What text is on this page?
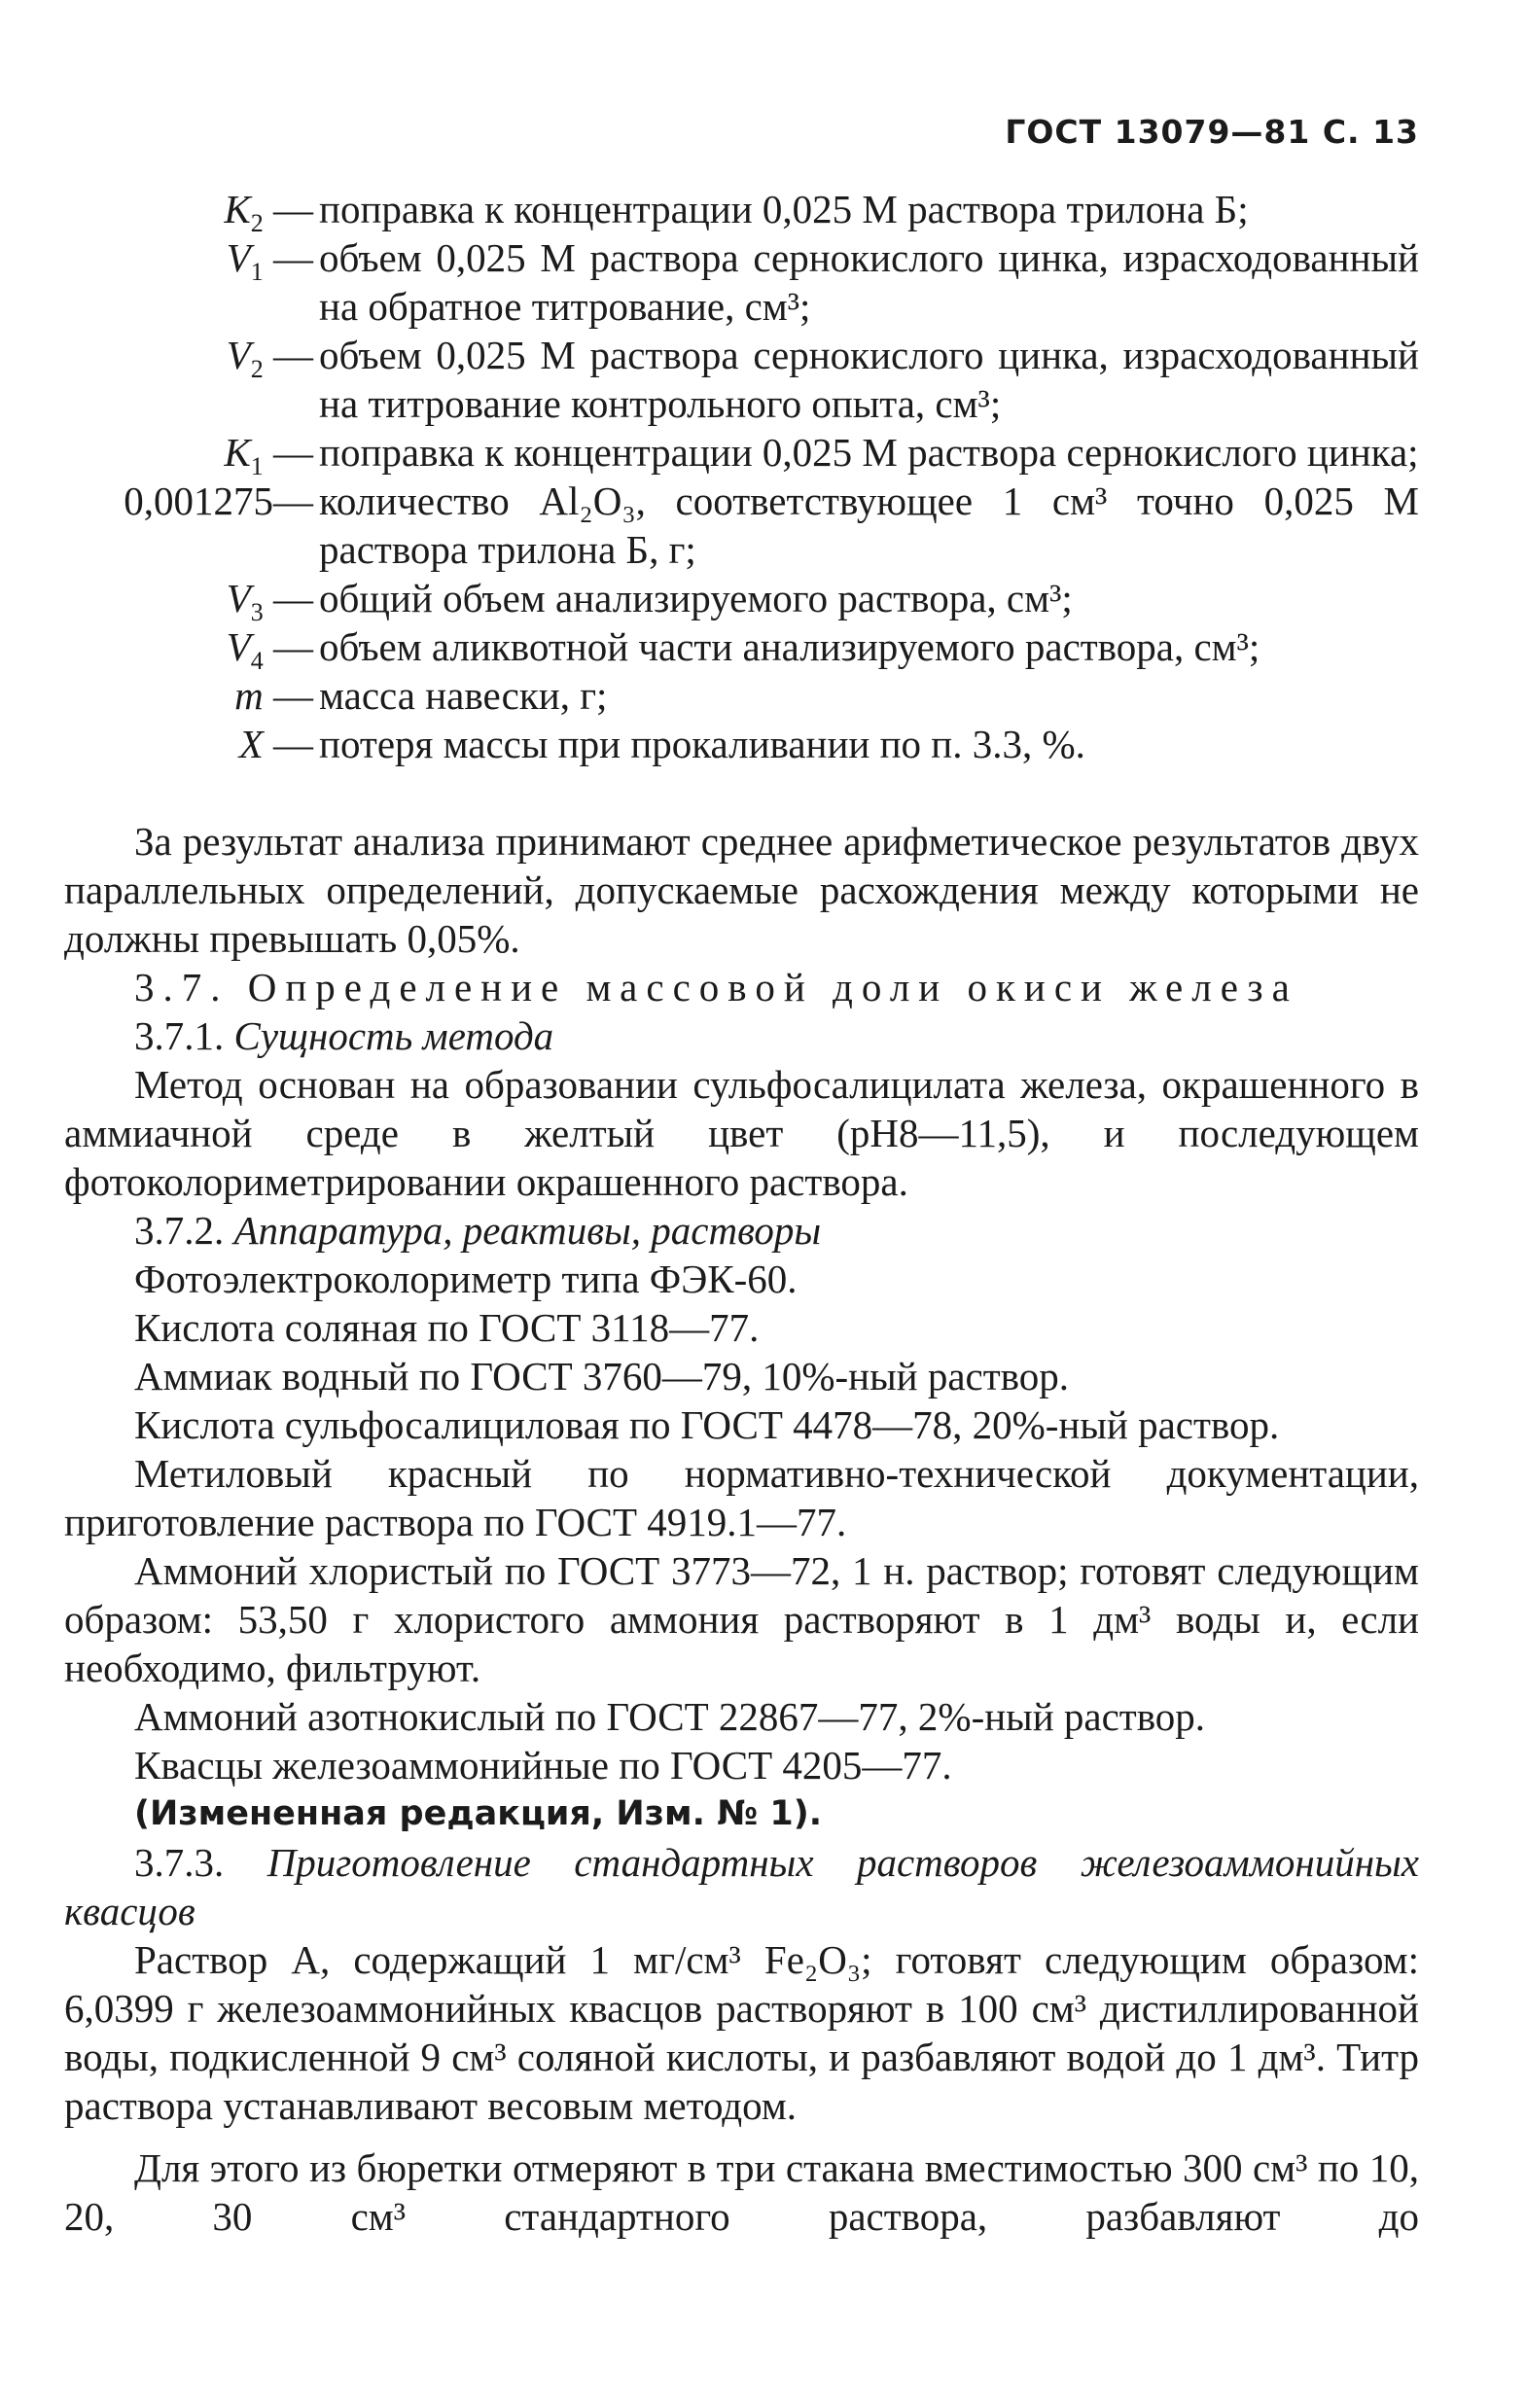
ГОСТ 13079—81 С. 13
$K_2$ — поправка к концентрации 0,025 М раствора трилона Б;
$V_1$ — объем 0,025 М раствора сернокислого цинка, израсходованный на обратное титрование, см³;
$V_2$ — объем 0,025 М раствора сернокислого цинка, израсходованный на титрование контрольного опыта, см³;
$K_1$ — поправка к концентрации 0,025 М раствора сернокислого цинка;
0,001275— количество Al₂O₃, соответствующее 1 см³ точно 0,025 М раствора трилона Б, г;
$V_3$ — общий объем анализируемого раствора, см³;
$V_4$ — объем аликвотной части анализируемого раствора, см³;
m — масса навески, г;
X — потеря массы при прокаливании по п. 3.3, %.

За результат анализа принимают среднее арифметическое результатов двух параллельных определений, допускаемые расхождения между которыми не должны превышать 0,05%.

3.7. Определение массовой доли окиси железа

3.7.1. Сущность метода

Метод основан на образовании сульфосалицилата железа, окрашенного в аммиачной среде в желтый цвет (рН8—11,5), и последующем фотоколориметрировании окрашенного раствора.

3.7.2. Аппаратура, реактивы, растворы

Фотоэлектроколориметр типа ФЭК-60.

Кислота соляная по ГОСТ 3118—77.

Аммиак водный по ГОСТ 3760—79, 10%-ный раствор.

Кислота сульфосалициловая по ГОСТ 4478—78, 20%-ный раствор.

Метиловый красный по нормативно-технической документации, приготовление раствора по ГОСТ 4919.1—77.

Аммоний хлористый по ГОСТ 3773—72, 1 н. раствор; готовят следующим образом: 53,50 г хлористого аммония растворяют в 1 дм³ воды и, если необходимо, фильтруют.

Аммоний азотнокислый по ГОСТ 22867—77, 2%-ный раствор.

Квасцы железоаммонийные по ГОСТ 4205—77.

(Измененная редакция, Изм. № 1).

3.7.3. Приготовление стандартных растворов железоаммонийных квасцов

Раствор А, содержащий 1 мг/см³ Fe₂O₃; готовят следующим образом: 6,0399 г железоаммонийных квасцов растворяют в 100 см³ дистиллированной воды, подкисленной 9 см³ соляной кислоты, и разбавляют водой до 1 дм³. Титр раствора устанавливают весовым методом.

Для этого из бюретки отмеряют в три стакана вместимостью 300 см³ по 10, 20, 30 см³ стандартного раствора, разбавляют до
